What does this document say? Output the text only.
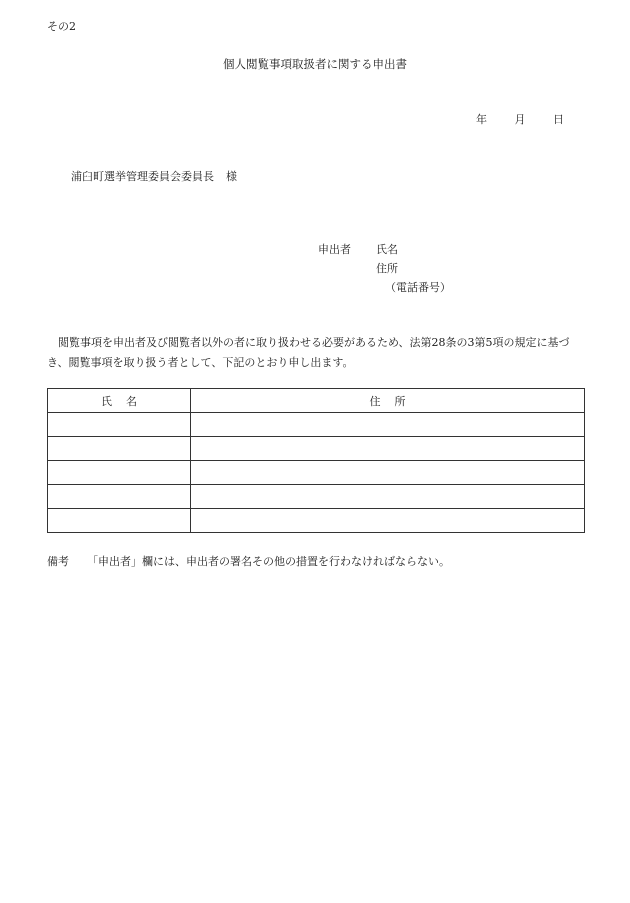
その2
個人閲覧事項取扱者に関する申出書
年	月	日
浦臼町選挙管理委員会委員長 様
申出者 氏名
住所
（電話番号）
閲覧事項を申出者及び閲覧者以外の者に取り扱わせる必要があるため、法第28条の3第5項の規定に基づき、閲覧事項を取り扱う者として、下記のとおり申し出ます。
氏名	住所

備考 「申出者」欄には、申出者の署名その他の措置を行わなければならない。
